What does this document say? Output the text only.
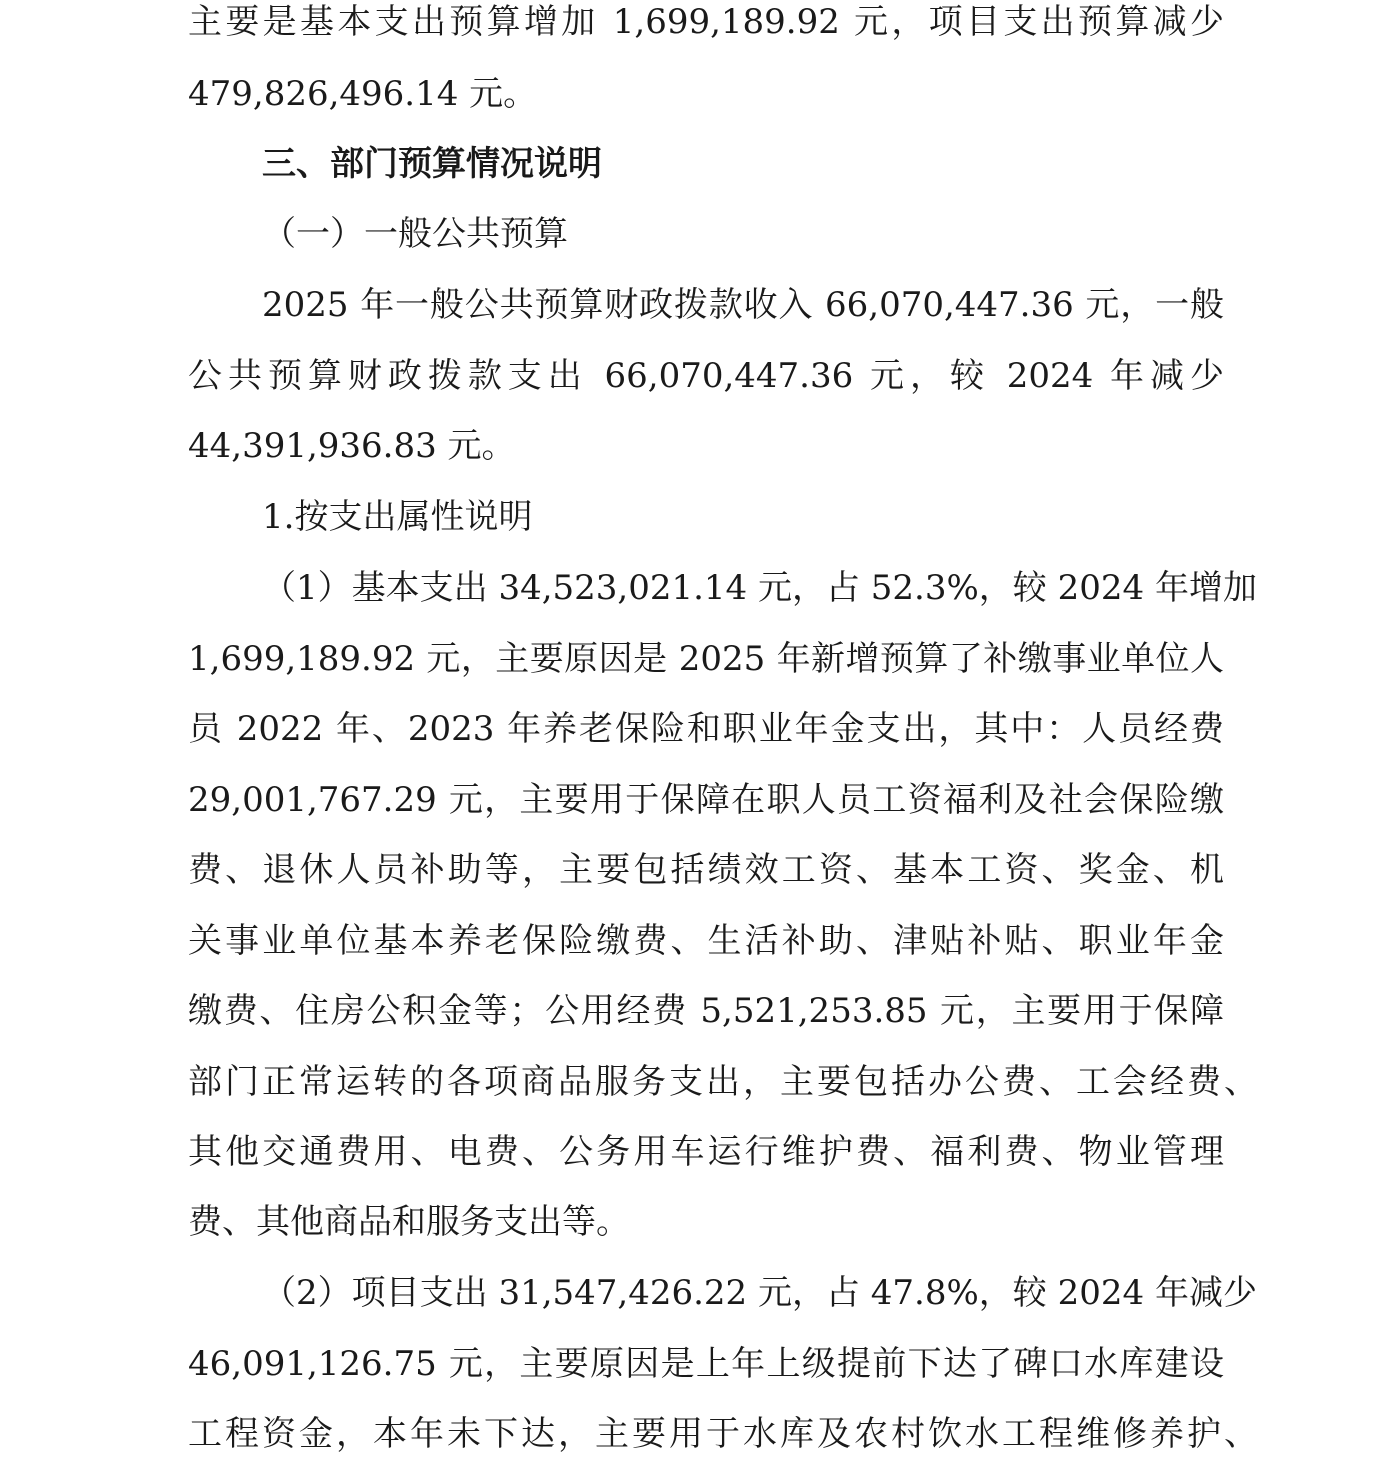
主要是基本支出预算增加 1,699,189.92 元，项目支出预算减少
479,826,496.14 元。
三、部门预算情况说明
（一）一般公共预算
2025 年一般公共预算财政拨款收入 66,070,447.36 元，一般
公共预算财政拨款支出 66,070,447.36 元，较 2024 年减少
44,391,936.83 元。
1.按支出属性说明
（1）基本支出 34,523,021.14 元，占 52.3%，较 2024 年增加
1,699,189.92 元，主要原因是 2025 年新增预算了补缴事业单位人
员 2022 年、2023 年养老保险和职业年金支出，其中：人员经费
29,001,767.29 元，主要用于保障在职人员工资福利及社会保险缴
费、退休人员补助等，主要包括绩效工资、基本工资、奖金、机
关事业单位基本养老保险缴费、生活补助、津贴补贴、职业年金
缴费、住房公积金等；公用经费 5,521,253.85 元，主要用于保障
部门正常运转的各项商品服务支出，主要包括办公费、工会经费、
其他交通费用、电费、公务用车运行维护费、福利费、物业管理
费、其他商品和服务支出等。
（2）项目支出 31,547,426.22 元，占 47.8%，较 2024 年减少
46,091,126.75 元，主要原因是上年上级提前下达了碑口水库建设
工程资金，本年未下达，主要用于水库及农村饮水工程维修养护、
